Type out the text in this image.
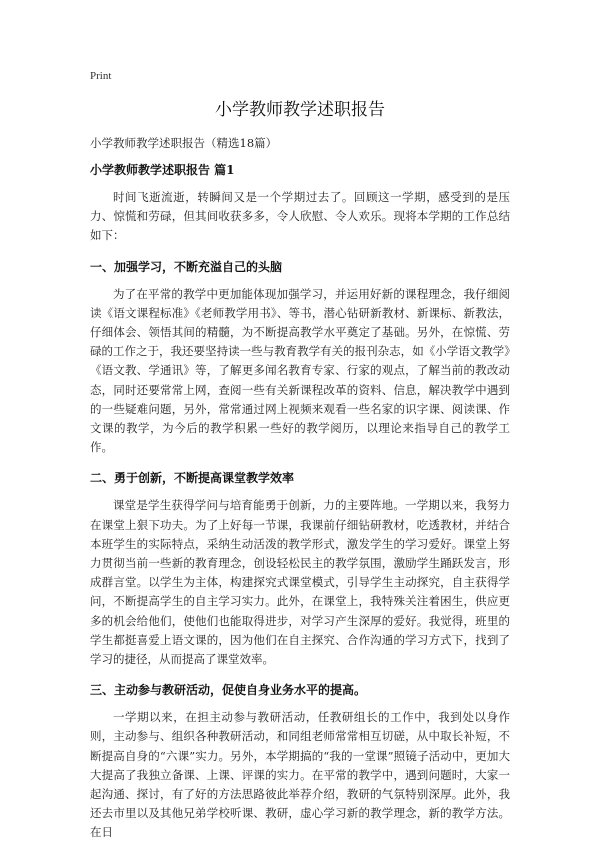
Print
小学教师教学述职报告
小学教师教学述职报告（精选18篇）
小学教师教学述职报告 篇1

时间飞逝流逝，转瞬间又是一个学期过去了。回顾这一学期，感受到的是压力、惊慌和劳碌，但其间收获多多，令人欣慰、令人欢乐。现将本学期的工作总结如下：

一、加强学习，不断充溢自己的头脑

为了在平常的教学中更加能体现加强学习，并运用好新的课程理念，我仔细阅读《语文课程标准》《老师教学用书》、等书，潜心钻研新教材、新课标、新教法，仔细体会、领悟其间的精髓，为不断提高教学水平奠定了基础。另外，在惊慌、劳碌的工作之于，我还要坚持读一些与教育教学有关的报刊杂志，如《小学语文教学》《语文教、学通讯》等，了解更多闻名教育专家、行家的观点，了解当前的教改动态，同时还要常常上网，查阅一些有关新课程改革的资料、信息，解决教学中遇到的一些疑难问题，另外，常常通过网上视频来观看一些名家的识字课、阅读课、作文课的教学，为今后的教学积累一些好的教学阅历，以理论来指导自己的教学工作。

二、勇于创新，不断提高课堂教学效率

课堂是学生获得学问与培育能勇于创新，力的主要阵地。一学期以来，我努力在课堂上狠下功夫。为了上好每一节课，我课前仔细钻研教材，吃透教材，并结合本班学生的实际特点，采纳生动活泼的教学形式，激发学生的学习爱好。课堂上努力贯彻当前一些新的教育理念，创设轻松民主的教学氛围，激励学生踊跃发言，形成群言堂。以学生为主体，构建探究式课堂模式，引导学生主动探究，自主获得学问，不断提高学生的自主学习实力。此外，在课堂上，我特殊关注着困生，供应更多的机会给他们，使他们也能取得进步，对学习产生深厚的爱好。我觉得，班里的学生都挺喜爱上语文课的，因为他们在自主探究、合作沟通的学习方式下，找到了学习的捷径，从而提高了课堂效率。

三、主动参与教研活动，促使自身业务水平的提高。

一学期以来，在担主动参与教研活动，任教研组长的工作中，我到处以身作则，主动参与、组织各种教研活动，和同组老师常常相互切磋，从中取长补短，不断提高自身的“六课”实力。另外，本学期搞的“我的一堂课”照镜子活动中，更加大大提高了我独立备课、上课、评课的实力。在平常的教学中，遇到问题时，大家一起沟通、探讨，有了好的方法思路彼此举荐介绍，教研的气氛特别深厚。此外，我还去市里以及其他兄弟学校听课、教研，虚心学习新的教学理念，新的教学方法。在日
